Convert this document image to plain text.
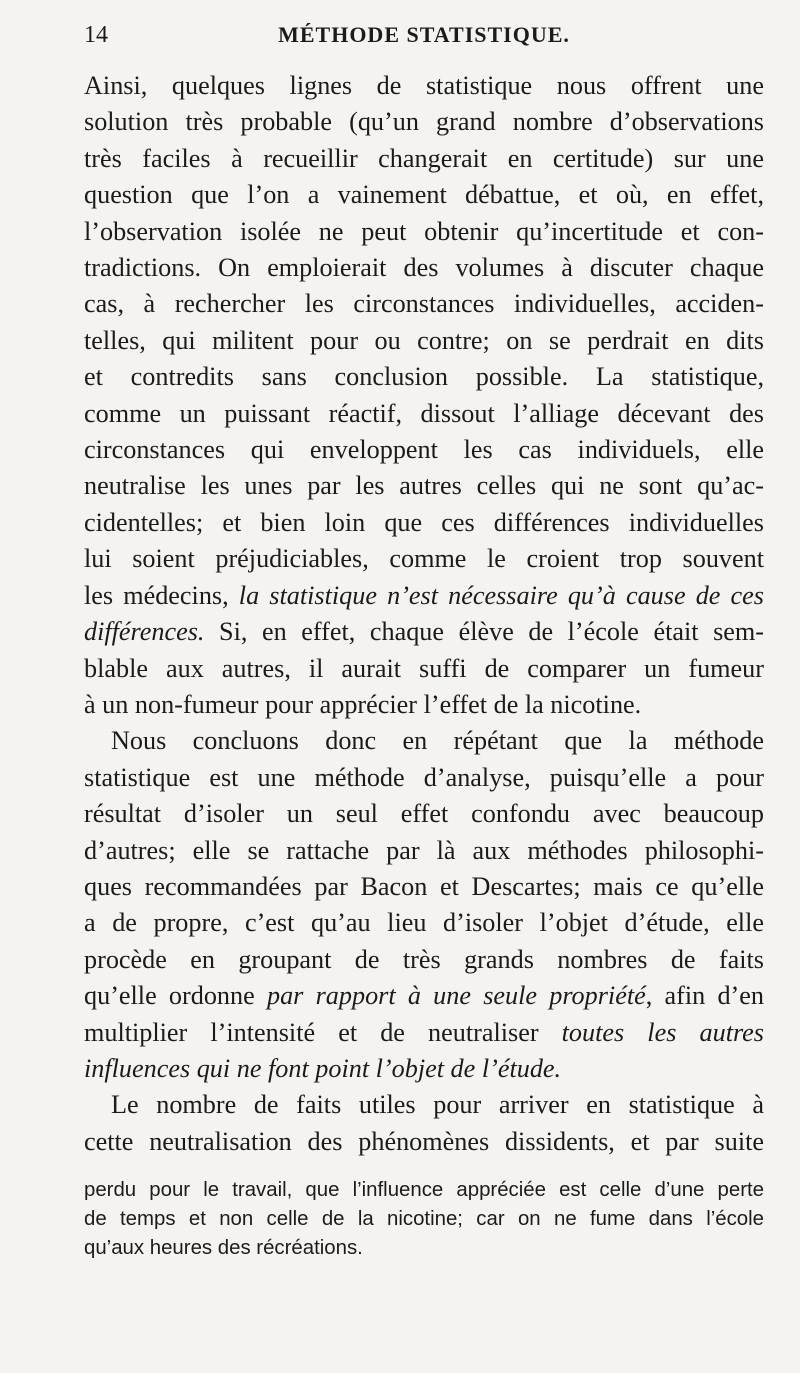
14	MÉTHODE STATISTIQUE.
Ainsi, quelques lignes de statistique nous offrent une
solution très probable (qu’un grand nombre d’observations
très faciles à recueillir changerait en certitude) sur une
question que l’on a vainement débattue, et où, en effet,
l’observation isolée ne peut obtenir qu’incertitude et con-
tradictions. On emploierait des volumes à discuter chaque
cas, à rechercher les circonstances individuelles, acciden-
telles, qui militent pour ou contre; on se perdrait en dits
et contredits sans conclusion possible. La statistique,
comme un puissant réactif, dissout l’alliage décevant des
circonstances qui enveloppent les cas individuels, elle
neutralise les unes par les autres celles qui ne sont qu’ac-
cidentelles; et bien loin que ces différences individuelles
lui soient préjudiciables, comme le croient trop souvent
les médecins, la statistique n’est nécessaire qu’à cause de ces
différences. Si, en effet, chaque élève de l’école était sem-
blable aux autres, il aurait suffi de comparer un fumeur
à un non-fumeur pour apprécier l’effet de la nicotine.
Nous concluons donc en répétant que la méthode
statistique est une méthode d’analyse, puisqu’elle a pour
résultat d’isoler un seul effet confondu avec beaucoup
d’autres; elle se rattache par là aux méthodes philosophi-
ques recommandées par Bacon et Descartes; mais ce qu’elle
a de propre, c’est qu’au lieu d’isoler l’objet d’étude, elle
procède en groupant de très grands nombres de faits
qu’elle ordonne par rapport à une seule propriété, afin d’en
multiplier l’intensité et de neutraliser toutes les autres
influences qui ne font point l’objet de l’étude.
Le nombre de faits utiles pour arriver en statistique à
cette neutralisation des phénomènes dissidents, et par suite
perdu pour le travail, que l’influence appréciée est celle d’une perte
de temps et non celle de la nicotine; car on ne fume dans l’école
qu’aux heures des récréations.
